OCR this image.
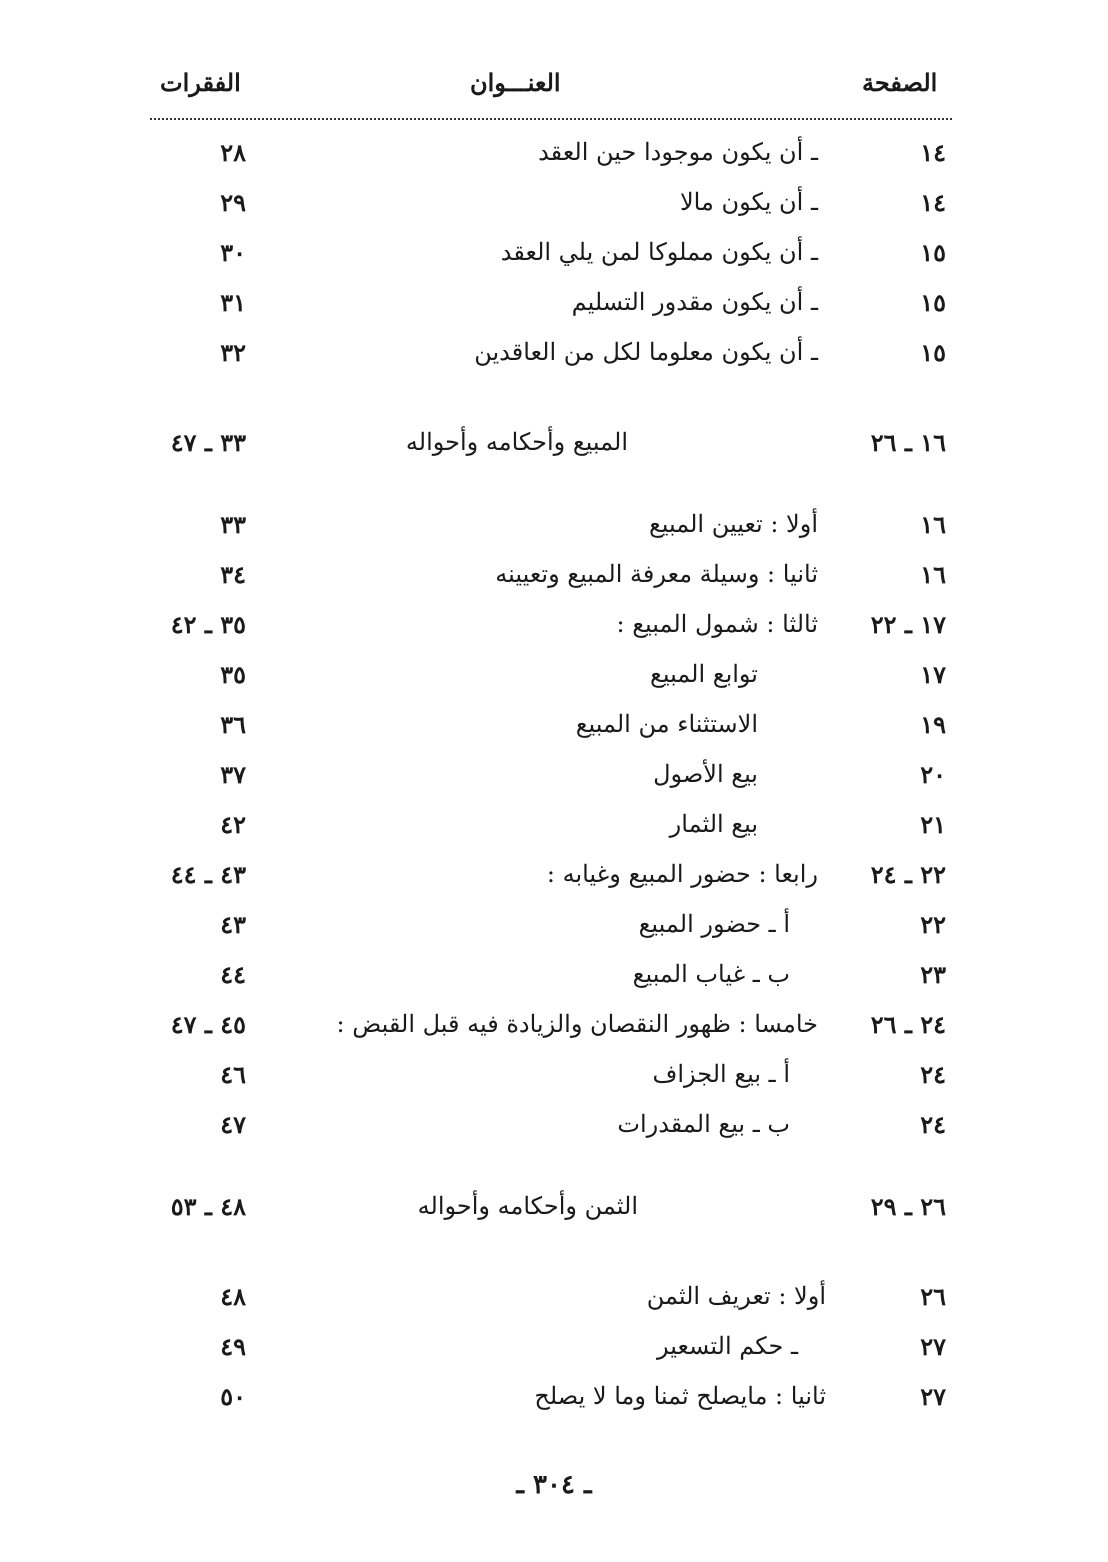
الصفحة
العنـــوان
الفقرات
١٤
ـ أن يكون موجودا حين العقد
٢٨
١٤
ـ أن يكون مالا
٢٩
١٥
ـ أن يكون مملوكا لمن يلي العقد
٣٠
١٥
ـ أن يكون مقدور التسليم
٣١
١٥
ـ أن يكون معلوما لكل من العاقدين
٣٢
١٦ ـ ٢٦
المبيع وأحكامه وأحواله
٣٣ ـ ٤٧
١٦
أولا : تعيين المبيع
٣٣
١٦
ثانيا : وسيلة معرفة المبيع وتعيينه
٣٤
١٧ ـ ٢٢
ثالثا : شمول المبيع :
٣٥ ـ ٤٢
١٧
توابع المبيع
٣٥
١٩
الاستثناء من المبيع
٣٦
٢٠
بيع الأصول
٣٧
٢١
بيع الثمار
٤٢
٢٢ ـ ٢٤
رابعا : حضور المبيع وغيابه :
٤٣ ـ ٤٤
٢٢
أ ـ حضور المبيع
٤٣
٢٣
ب ـ غياب المبيع
٤٤
٢٤ ـ ٢٦
خامسا : ظهور النقصان والزيادة فيه قبل القبض :
٤٥ ـ ٤٧
٢٤
أ ـ بيع الجزاف
٤٦
٢٤
ب ـ بيع المقدرات
٤٧
٢٦ ـ ٢٩
الثمن وأحكامه وأحواله
٤٨ ـ ٥٣
٢٦
أولا : تعريف الثمن
٤٨
٢٧
ـ حكم التسعير
٤٩
٢٧
ثانيا : مايصلح ثمنا وما لا يصلح
٥٠
ـ ٣٠٤ ـ
